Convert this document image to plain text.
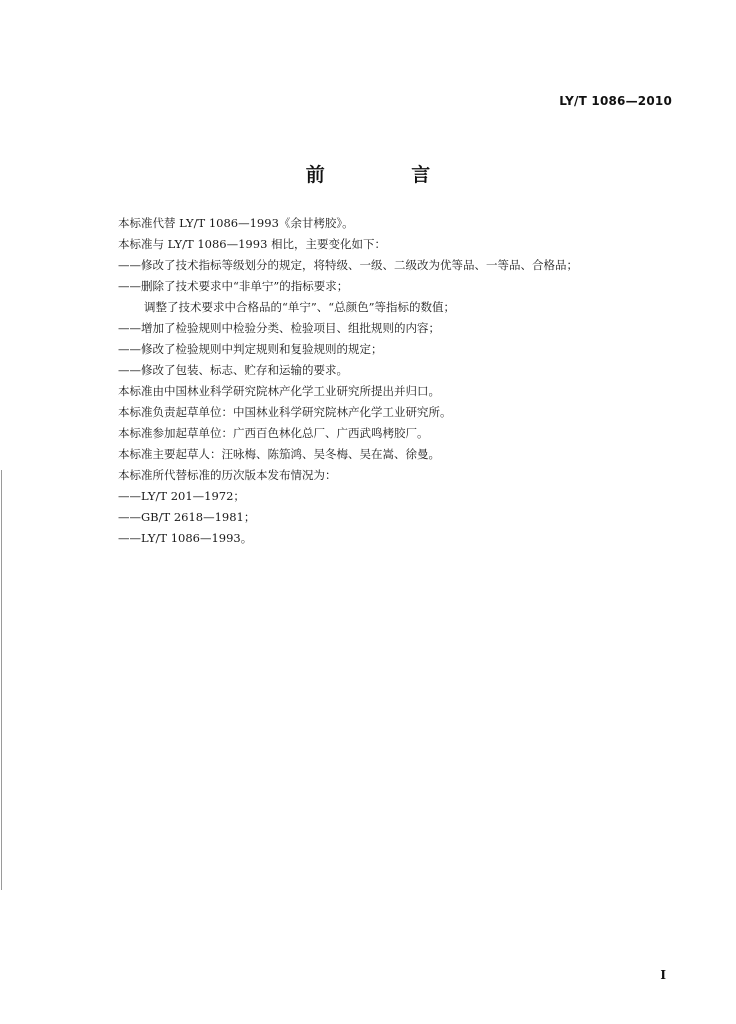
LY/T 1086—2010
前 言
本标准代替 LY/T 1086—1993《余甘栲胶》。
本标准与 LY/T 1086—1993 相比，主要变化如下：
——修改了技术指标等级划分的规定，将特级、一级、二级改为优等品、一等品、合格品；
——删除了技术要求中“非单宁”的指标要求；
调整了技术要求中合格品的“单宁”、“总颜色”等指标的数值；
——增加了检验规则中检验分类、检验项目、组批规则的内容；
——修改了检验规则中判定规则和复验规则的规定；
——修改了包装、标志、贮存和运输的要求。
本标准由中国林业科学研究院林产化学工业研究所提出并归口。
本标准负责起草单位：中国林业科学研究院林产化学工业研究所。
本标准参加起草单位：广西百色林化总厂、广西武鸣栲胶厂。
本标准主要起草人：汪咏梅、陈笳鸿、吴冬梅、吴在嵩、徐曼。
本标准所代替标准的历次版本发布情况为：
——LY/T 201—1972；
——GB/T 2618—1981；
——LY/T 1086—1993。
I
